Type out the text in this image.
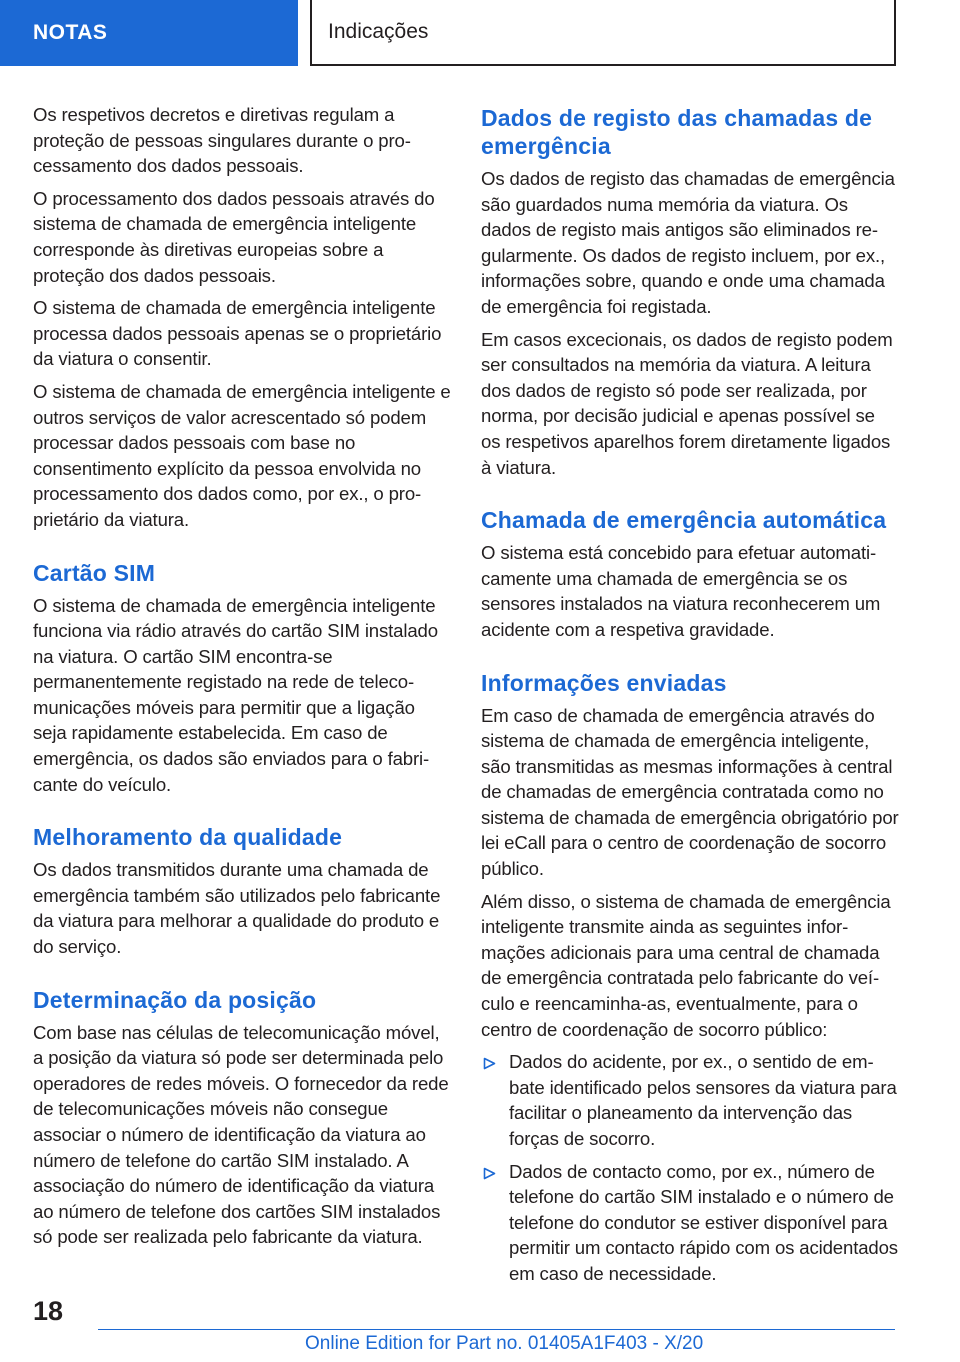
NOTAS	Indicações

Os respetivos decretos e diretivas regulam a proteção de pessoas singulares durante o processamento dos dados pessoais.

O processamento dos dados pessoais através do sistema de chamada de emergência inteligente corresponde às diretivas europeias sobre a proteção dos dados pessoais.

O sistema de chamada de emergência inteligente processa dados pessoais apenas se o proprietário da viatura o consentir.

O sistema de chamada de emergência inteligente e outros serviços de valor acrescentado só podem processar dados pessoais com base no consentimento explícito da pessoa envolvida no processamento dos dados como, por ex., o proprietário da viatura.

Cartão SIM

O sistema de chamada de emergência inteligente funciona via rádio através do cartão SIM instalado na viatura. O cartão SIM encontra-se permanentemente registado na rede de telecomunicações móveis para permitir que a ligação seja rapidamente estabelecida. Em caso de emergência, os dados são enviados para o fabricante do veículo.

Melhoramento da qualidade

Os dados transmitidos durante uma chamada de emergência também são utilizados pelo fabricante da viatura para melhorar a qualidade do produto e do serviço.

Determinação da posição

Com base nas células de telecomunicação móvel, a posição da viatura só pode ser determinada pelo operadores de redes móveis. O fornecedor da rede de telecomunicações móveis não consegue associar o número de identificação da viatura ao número de telefone do cartão SIM instalado. A associação do número de identificação da viatura ao número de telefone dos cartões SIM instalados só pode ser realizada pelo fabricante da viatura.

Dados de registo das chamadas de emergência

Os dados de registo das chamadas de emergência são guardados numa memória da viatura. Os dados de registo mais antigos são eliminados regularmente. Os dados de registo incluem, por ex., informações sobre, quando e onde uma chamada de emergência foi registada.

Em casos excecionais, os dados de registo podem ser consultados na memória da viatura. A leitura dos dados de registo só pode ser realizada, por norma, por decisão judicial e apenas possível se os respetivos aparelhos forem diretamente ligados à viatura.

Chamada de emergência automática

O sistema está concebido para efetuar automaticamente uma chamada de emergência se os sensores instalados na viatura reconhecerem um acidente com a respetiva gravidade.

Informações enviadas

Em caso de chamada de emergência através do sistema de chamada de emergência inteligente, são transmitidas as mesmas informações à central de chamadas de emergência contratada como no sistema de chamada de emergência obrigatório por lei eCall para o centro de coordenação de socorro público.

Além disso, o sistema de chamada de emergência inteligente transmite ainda as seguintes informações adicionais para uma central de chamada de emergência contratada pelo fabricante do veículo e reencaminha-as, eventualmente, para o centro de coordenação de socorro público:

Dados do acidente, por ex., o sentido de embate identificado pelos sensores da viatura para facilitar o planeamento da intervenção das forças de socorro.
Dados de contacto como, por ex., número de telefone do cartão SIM instalado e o número de telefone do condutor se estiver disponível para permitir um contacto rápido com os acidentados em caso de necessidade.
18
Online Edition for Part no. 01405A1F403 - X/20
